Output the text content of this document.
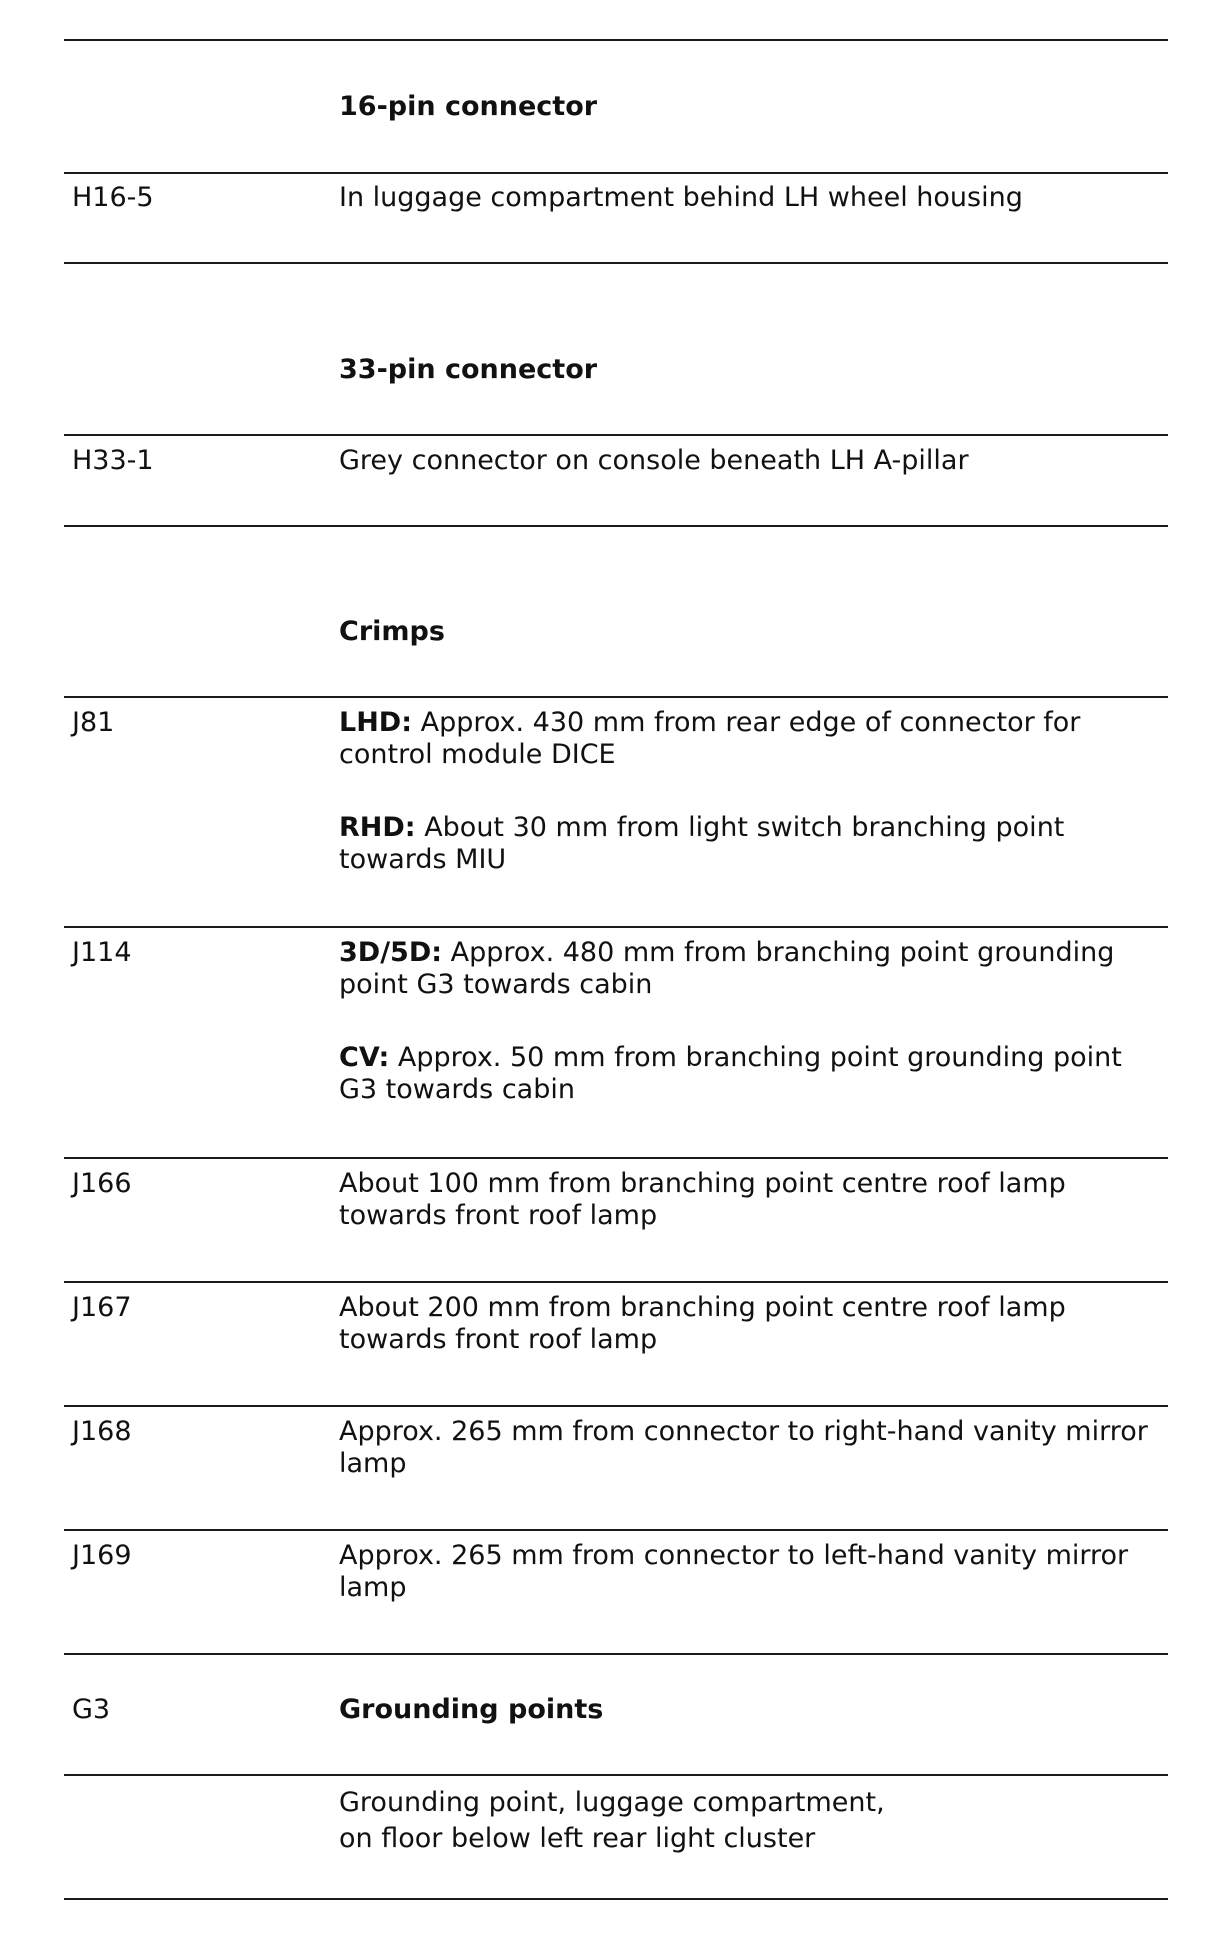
16-pin connector
H16-5	In luggage compartment behind LH wheel housing
33-pin connector
H33-1	Grey connector on console beneath LH A-pillar
Crimps
J81	LHD: Approx. 430 mm from rear edge of connector for control module DICE

RHD: About 30 mm from light switch branching point towards MIU

J114	3D/5D: Approx. 480 mm from branching point grounding point G3 towards cabin

CV: Approx. 50 mm from branching point grounding point G3 towards cabin

J166	About 100 mm from branching point centre roof lamp towards front roof lamp
J167	About 200 mm from branching point centre roof lamp towards front roof lamp
J168	Approx. 265 mm from connector to right-hand vanity mirror lamp
J169	Approx. 265 mm from connector to left-hand vanity mirror lamp
G3	Grounding points
Grounding point, luggage compartment,
on floor below left rear light cluster
